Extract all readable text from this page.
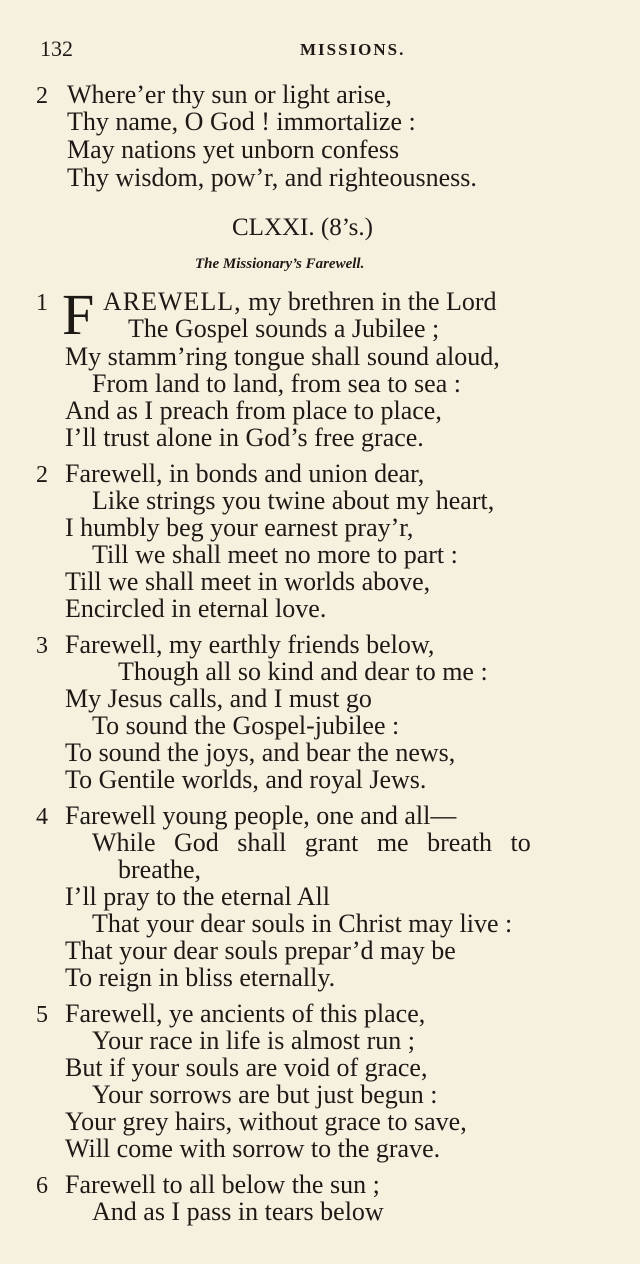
132	MISSIONS.
2 Where’er thy sun or light arise,
Thy name, O God ! immortalize :
May nations yet unborn confess
Thy wisdom, pow’r, and righteousness.
CLXXI. (8’s.)
The Missionary’s Farewell.
1 F AREWELL, my brethren in the Lord
The Gospel sounds a Jubilee ;
My stamm’ring tongue shall sound aloud,
From land to land, from sea to sea :
And as I preach from place to place,
I’ll trust alone in God’s free grace.
2 Farewell, in bonds and union dear,
Like strings you twine about my heart,
I humbly beg your earnest pray’r,
Till we shall meet no more to part :
Till we shall meet in worlds above,
Encircled in eternal love.
3 Farewell, my earthly friends below,
Though all so kind and dear to me :
My Jesus calls, and I must go
To sound the Gospel-jubilee :
To sound the joys, and bear the news,
To Gentile worlds, and royal Jews.
4 Farewell young people, one and all—
While God shall grant me breath to
breathe,
I’ll pray to the eternal All
That your dear souls in Christ may live :
That your dear souls prepar’d may be
To reign in bliss eternally.
5 Farewell, ye ancients of this place,
Your race in life is almost run ;
But if your souls are void of grace,
Your sorrows are but just begun :
Your grey hairs, without grace to save,
Will come with sorrow to the grave.
6 Farewell to all below the sun ;
And as I pass in tears below
